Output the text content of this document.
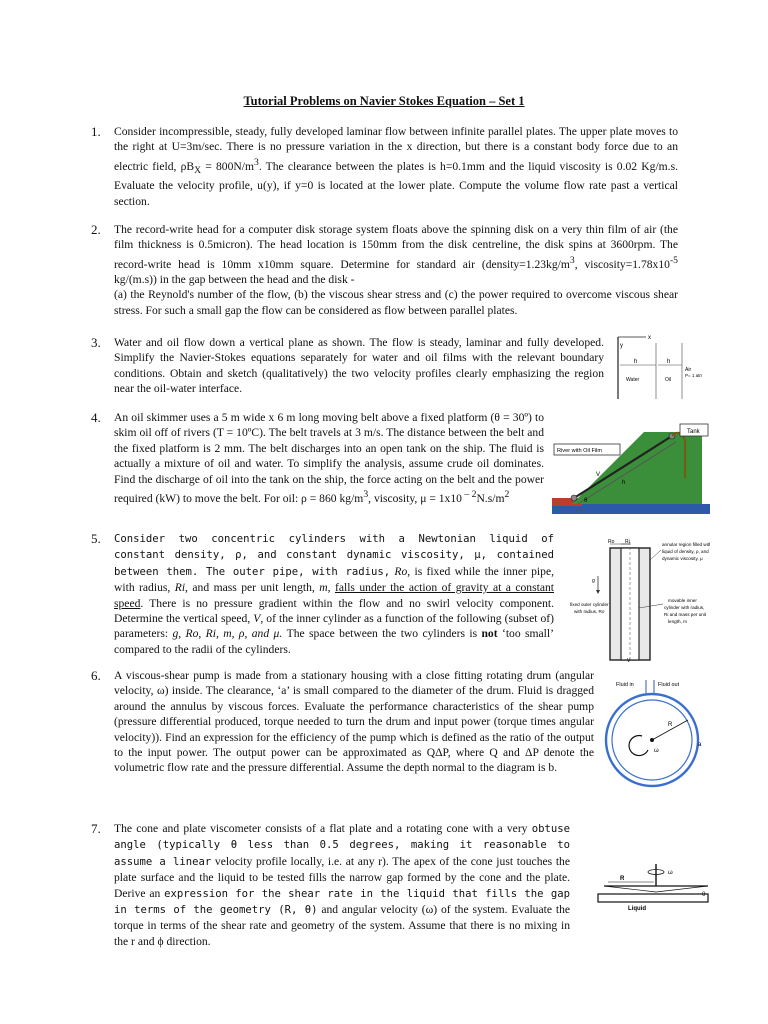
Tutorial Problems on Navier Stokes Equation – Set 1
1. Consider incompressible, steady, fully developed laminar flow between infinite parallel plates. The upper plate moves to the right at U=3m/sec. There is no pressure variation in the x direction, but there is a constant body force due to an electric field, $\rho B_X = 800N/m^3$. The clearance between the plates is h=0.1mm and the liquid viscosity is 0.02 Kg/m.s. Evaluate the velocity profile, u(y), if y=0 is located at the lower plate. Compute the volume flow rate past a vertical section.
2. The record-write head for a computer disk storage system floats above the spinning disk on a very thin film of air (the film thickness is 0.5micron). The head location is 150mm from the disk centreline, the disk spins at 3600rpm. The record-write head is 10mm x10mm square. Determine for standard air ($density=1.23kg/m^3$, $viscosity=1.78x10^{-5}$ kg/(m.s)) in the gap between the head and the disk -
(a) the Reynold's number of the flow, (b) the viscous shear stress and (c) the power required to overcome viscous shear stress. For such a small gap the flow can be considered as flow between parallel plates.
3. Water and oil flow down a vertical plane as shown. The flow is steady, laminar and fully developed. Simplify the Navier-Stokes equations separately for water and oil films with the relevant boundary conditions. Obtain and sketch (qualitatively) the two velocity profiles clearly emphasizing the region near the oil-water interface.
x
y
h	h
Air
P= 1 atm
Water	Oil
4. An oil skimmer uses a 5 m wide x 6 m long moving belt above a fixed platform (θ = 30º) to skim oil off of rivers (T = 10ºC). The belt travels at 3 m/s. The distance between the belt and the fixed platform is 2 mm. The belt discharges into an open tank on the ship. The fluid is actually a mixture of oil and water. To simplify the analysis, assume crude oil dominates. Find the discharge of oil into the tank on the ship, the force acting on the belt and the power required (kW) to move the belt. For oil: ρ = 860 $kg/m^3$, viscosity, μ = 1x10 $^{- 2}N.s/m^2$
Tank
River with Oil Film
V
h
θ
5. Consider two concentric cylinders with a Newtonian liquid of constant density, ρ, and constant dynamic viscosity, μ, contained between them. The outer pipe, with radius, Ro, is fixed while the inner pipe, with radius, Ri, and mass per unit length, m, falls under the action of gravity at a constant speed. There is no pressure gradient within the flow and no swirl velocity component. Determine the vertical speed, V, of the inner cylinder as a function of the following (subset of) parameters: g, Ro, Ri, m, ρ, and μ. The space between the two cylinders is not ‘too small’ compared to the radii of the cylinders.
Ro Ri
g
V
annular region filled with
liquid of density, ρ, and
dynamic viscosity, μ
fixed outer cylinder
with radius, Ro
movable inner
cylinder with radius,
Ri and mass per unit
length, m
6. A viscous-shear pump is made from a stationary housing with a close fitting rotating drum (angular velocity, ω) inside. The clearance, ‘a’ is small compared to the diameter of the drum. Fluid is dragged around the annulus by viscous forces. Evaluate the performance characteristics of the shear pump (pressure differential produced, torque needed to turn the drum and input power (torque times angular velocity)). Find an expression for the efficiency of the pump which is defined as the ratio of the output to the input power. The output power can be approximated as QΔP, where Q and ΔP denote the volumetric flow rate and the pressure differential. Assume the depth normal to the diagram is b.
Fluid in	Fluid out
R
ω
a
7. The cone and plate viscometer consists of a flat plate and a rotating cone with a very obtuse angle (typically θ less than 0.5 degrees, making it reasonable to assume a linear velocity profile locally, i.e. at any r). The apex of the cone just touches the plate surface and the liquid to be tested fills the narrow gap formed by the cone and the plate. Derive an expression for the shear rate in the liquid that fills the gap in terms of the geometry (R, θ) and angular velocity (ω) of the system. Evaluate the torque in terms of the shear rate and geometry of the system. Assume that there is no mixing in the r and ϕ direction.
ω
R
θ
Liquid
